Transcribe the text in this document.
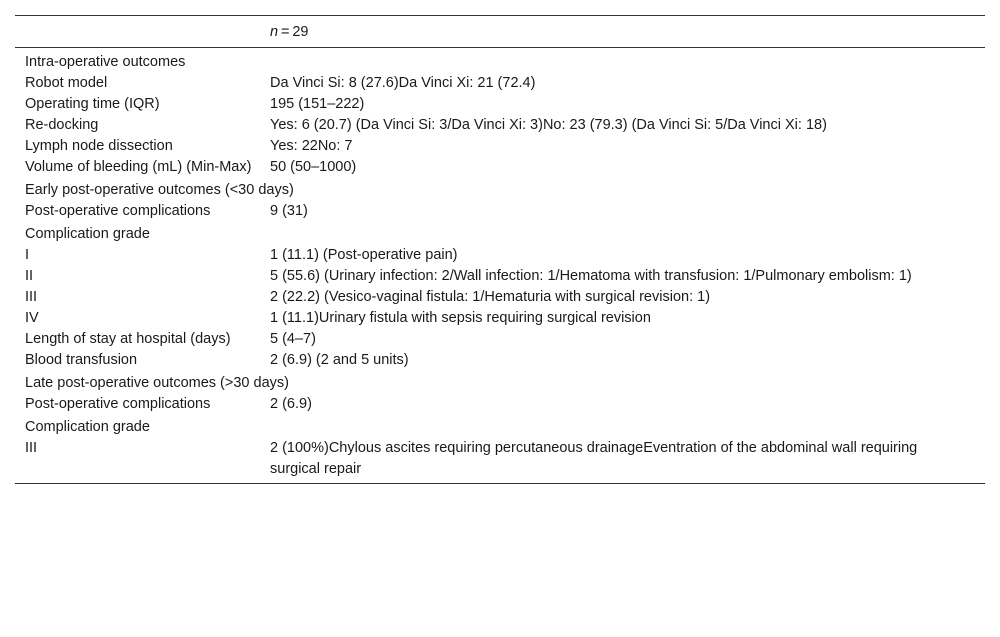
n = 29
Intra-operative outcomes
Robot model	Da Vinci Si: 8 (27.6)Da Vinci Xi: 21 (72.4)
Operating time (IQR)	195 (151–222)
Re-docking	Yes: 6 (20.7) (Da Vinci Si: 3/Da Vinci Xi: 3)No: 23 (79.3) (Da Vinci Si: 5/Da Vinci Xi: 18)
Lymph node dissection	Yes: 22No: 7
Volume of bleeding (mL) (Min-Max)	50 (50–1000)
Early post-operative outcomes (<30 days)
Post-operative complications	9 (31)
Complication grade
I	1 (11.1) (Post-operative pain)
II	5 (55.6) (Urinary infection: 2/Wall infection: 1/Hematoma with transfusion: 1/Pulmonary embolism: 1)
III	2 (22.2) (Vesico-vaginal fistula: 1/Hematuria with surgical revision: 1)
IV	1 (11.1)Urinary fistula with sepsis requiring surgical revision
Length of stay at hospital (days)	5 (4–7)
Blood transfusion	2 (6.9) (2 and 5 units)
Late post-operative outcomes (>30 days)
Post-operative complications	2 (6.9)
Complication grade
III	2 (100%)Chylous ascites requiring percutaneous drainageEventration of the abdominal wall requiring surgical repair
